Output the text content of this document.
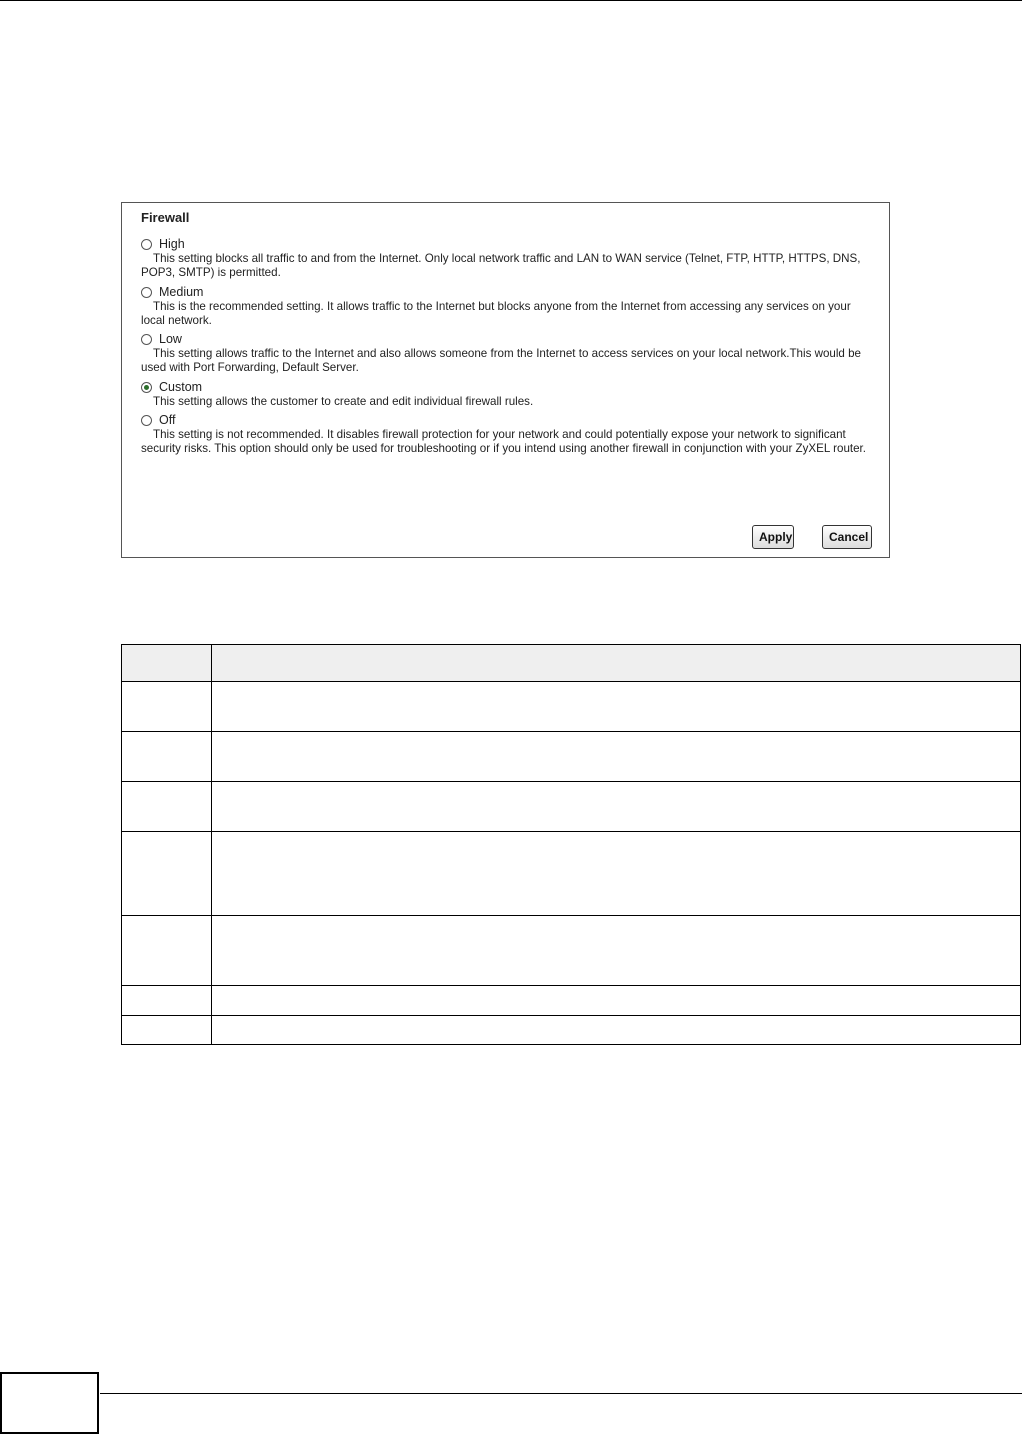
Firewall
High
This setting blocks all traffic to and from the Internet. Only local network traffic and LAN to WAN service (Telnet, FTP, HTTP, HTTPS, DNS, POP3, SMTP) is permitted.
Medium
This is the recommended setting. It allows traffic to the Internet but blocks anyone from the Internet from accessing any services on your local network.
Low
This setting allows traffic to the Internet and also allows someone from the Internet to access services on your local network.This would be used with Port Forwarding, Default Server.
Custom
This setting allows the customer to create and edit individual firewall rules.
Off
This setting is not recommended. It disables firewall protection for your network and could potentially expose your network to significant security risks. This option should only be used for troubleshooting or if you intend using another firewall in conjunction with your ZyXEL router.
Apply	Cancel
